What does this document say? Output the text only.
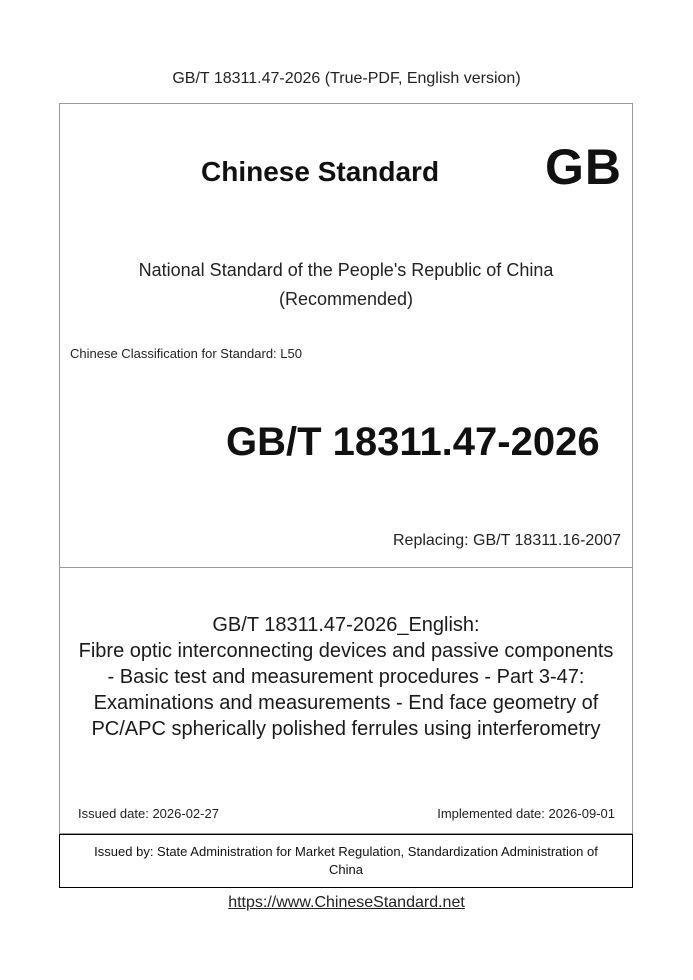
GB/T 18311.47-2026 (True-PDF, English version)
Chinese Standard GB
National Standard of the People's Republic of China
(Recommended)
Chinese Classification for Standard: L50
GB/T 18311.47-2026
Replacing: GB/T 18311.16-2007
GB/T 18311.47-2026_English:
Fibre optic interconnecting devices and passive components
- Basic test and measurement procedures - Part 3-47:
Examinations and measurements - End face geometry of
PC/APC spherically polished ferrules using interferometry
Issued date: 2026-02-27	Implemented date: 2026-09-01
Issued by: State Administration for Market Regulation, Standardization Administration of
China
https://www.ChineseStandard.net
